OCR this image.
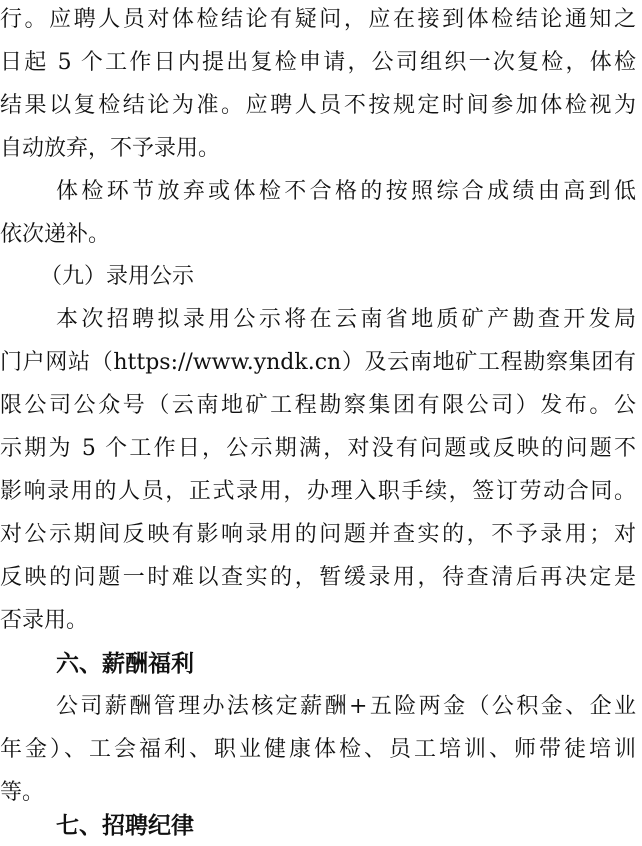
行。应聘人员对体检结论有疑问，应在接到体检结论通知之
日起 5 个工作日内提出复检申请，公司组织一次复检，体检
结果以复检结论为准。应聘人员不按规定时间参加体检视为
自动放弃，不予录用。
体检环节放弃或体检不合格的按照综合成绩由高到低
依次递补。
（九）录用公示
本次招聘拟录用公示将在云南省地质矿产勘查开发局
门户网站（https://www.yndk.cn）及云南地矿工程勘察集团有
限公司公众号（云南地矿工程勘察集团有限公司）发布。公
示期为 5 个工作日，公示期满，对没有问题或反映的问题不
影响录用的人员，正式录用，办理入职手续，签订劳动合同。
对公示期间反映有影响录用的问题并查实的，不予录用；对
反映的问题一时难以查实的，暂缓录用，待查清后再决定是
否录用。
六、薪酬福利
公司薪酬管理办法核定薪酬+五险两金（公积金、企业
年金）、工会福利、职业健康体检、员工培训、师带徒培训
等。
七、招聘纪律
